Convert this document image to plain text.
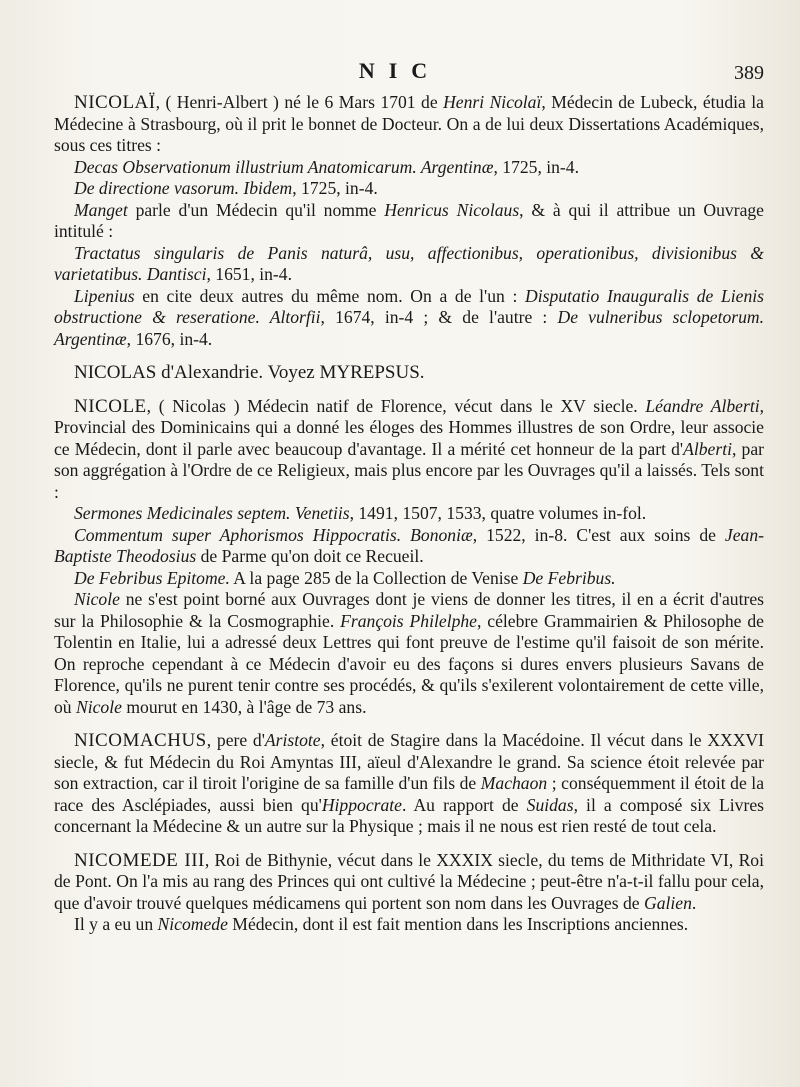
NIC	389

NICOLAÏ, ( Henri-Albert ) né le 6 Mars 1701 de Henri Nicolaï, Médecin de Lubeck, étudia la Médecine à Strasbourg, où il prit le bonnet de Docteur. On a de lui deux Dissertations Académiques, sous ces titres :

Decas Observationum illustrium Anatomicarum. Argentinæ, 1725, in-4.

De directione vasorum. Ibidem, 1725, in-4.

Manget parle d'un Médecin qu'il nomme Henricus Nicolaus, & à qui il attribue un Ouvrage intitulé :

Tractatus singularis de Panis naturâ, usu, affectionibus, operationibus, divisionibus & varietatibus. Dantisci, 1651, in-4.

Lipenius en cite deux autres du même nom. On a de l'un : Disputatio Inauguralis de Lienis obstructione & reseratione. Altorfii, 1674, in-4 ; & de l'autre : De vulneribus sclopetorum. Argentinæ, 1676, in-4.

NICOLAS d'Alexandrie. Voyez MYREPSUS.

NICOLE, ( Nicolas ) Médecin natif de Florence, vécut dans le XV siecle. Léandre Alberti, Provincial des Dominicains qui a donné les éloges des Hommes illustres de son Ordre, leur associe ce Médecin, dont il parle avec beaucoup d'avantage. Il a mérité cet honneur de la part d'Alberti, par son aggrégation à l'Ordre de ce Religieux, mais plus encore par les Ouvrages qu'il a laissés. Tels sont :

Sermones Medicinales septem. Venetiis, 1491, 1507, 1533, quatre volumes in-fol.

Commentum super Aphorismos Hippocratis. Bononiæ, 1522, in-8. C'est aux soins de Jean-Baptiste Theodosius de Parme qu'on doit ce Recueil.

De Febribus Epitome. A la page 285 de la Collection de Venise De Febribus.

Nicole ne s'est point borné aux Ouvrages dont je viens de donner les titres, il en a écrit d'autres sur la Philosophie & la Cosmographie. François Philelphe, célebre Grammairien & Philosophe de Tolentin en Italie, lui a adressé deux Lettres qui font preuve de l'estime qu'il faisoit de son mérite. On reproche cependant à ce Médecin d'avoir eu des façons si dures envers plusieurs Savans de Florence, qu'ils ne purent tenir contre ses procédés, & qu'ils s'exilerent volontairement de cette ville, où Nicole mourut en 1430, à l'âge de 73 ans.

NICOMACHUS, pere d'Aristote, étoit de Stagire dans la Macédoine. Il vécut dans le XXXVI siecle, & fut Médecin du Roi Amyntas III, aïeul d'Alexandre le grand. Sa science étoit relevée par son extraction, car il tiroit l'origine de sa famille d'un fils de Machaon ; conséquemment il étoit de la race des Asclépiades, aussi bien qu'Hippocrate. Au rapport de Suidas, il a composé six Livres concernant la Médecine & un autre sur la Physique ; mais il ne nous est rien resté de tout cela.

NICOMEDE III, Roi de Bithynie, vécut dans le XXXIX siecle, du tems de Mithridate VI, Roi de Pont. On l'a mis au rang des Princes qui ont cultivé la Médecine ; peut-être n'a-t-il fallu pour cela, que d'avoir trouvé quelques médicamens qui portent son nom dans les Ouvrages de Galien.

Il y a eu un Nicomede Médecin, dont il est fait mention dans les Inscriptions anciennes.
